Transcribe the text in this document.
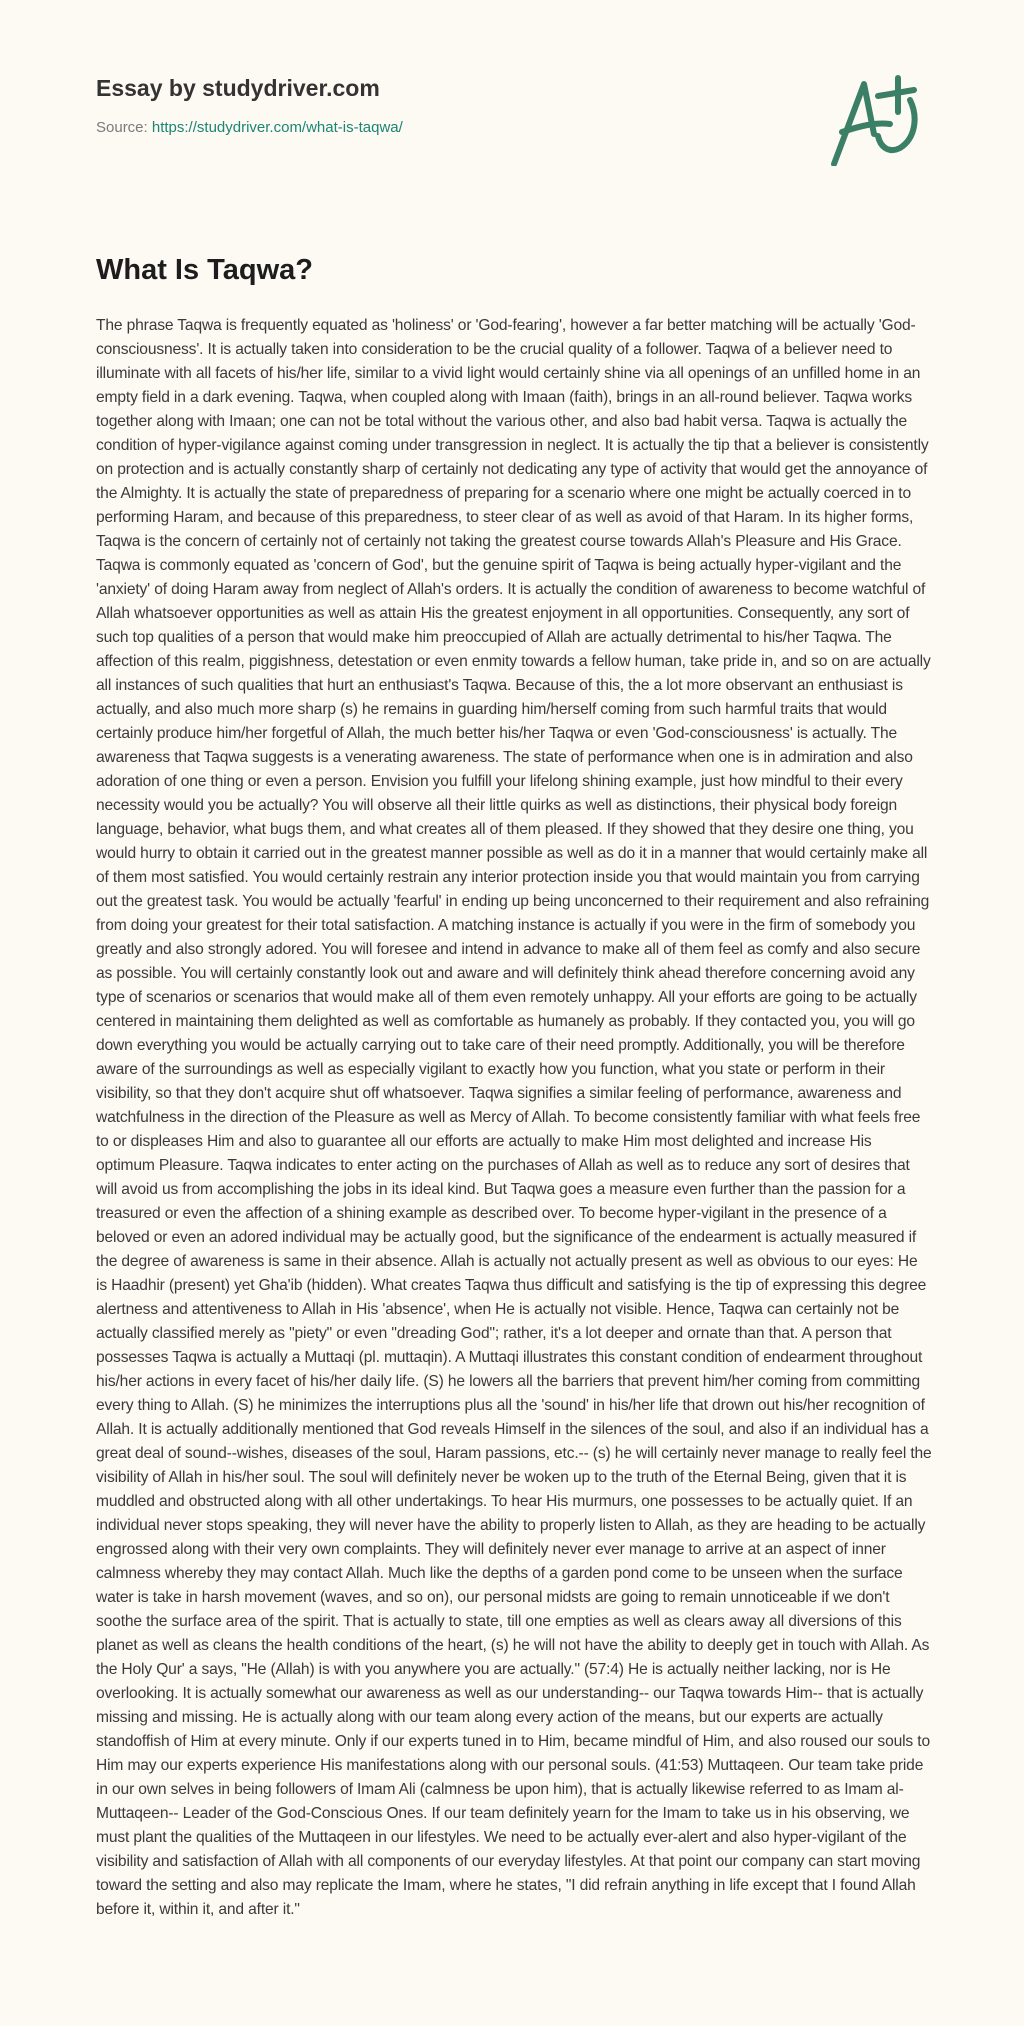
Essay by studydriver.com
Source: https://studydriver.com/what-is-taqwa/
What Is Taqwa?

The phrase Taqwa is frequently equated as 'holiness' or 'God-fearing', however a far better matching will be actually 'God-consciousness'. It is actually taken into consideration to be the crucial quality of a follower. Taqwa of a believer need to illuminate with all facets of his/her life, similar to a vivid light would certainly shine via all openings of an unfilled home in an empty field in a dark evening. Taqwa, when coupled along with Imaan (faith), brings in an all-round believer. Taqwa works together along with Imaan; one can not be total without the various other, and also bad habit versa. Taqwa is actually the condition of hyper-vigilance against coming under transgression in neglect. It is actually the tip that a believer is consistently on protection and is actually constantly sharp of certainly not dedicating any type of activity that would get the annoyance of the Almighty. It is actually the state of preparedness of preparing for a scenario where one might be actually coerced in to performing Haram, and because of this preparedness, to steer clear of as well as avoid of that Haram. In its higher forms, Taqwa is the concern of certainly not of certainly not taking the greatest course towards Allah's Pleasure and His Grace. Taqwa is commonly equated as 'concern of God', but the genuine spirit of Taqwa is being actually hyper-vigilant and the 'anxiety' of doing Haram away from neglect of Allah's orders. It is actually the condition of awareness to become watchful of Allah whatsoever opportunities as well as attain His the greatest enjoyment in all opportunities. Consequently, any sort of such top qualities of a person that would make him preoccupied of Allah are actually detrimental to his/her Taqwa. The affection of this realm, piggishness, detestation or even enmity towards a fellow human, take pride in, and so on are actually all instances of such qualities that hurt an enthusiast's Taqwa. Because of this, the a lot more observant an enthusiast is actually, and also much more sharp (s) he remains in guarding him/herself coming from such harmful traits that would certainly produce him/her forgetful of Allah, the much better his/her Taqwa or even 'God-consciousness' is actually. The awareness that Taqwa suggests is a venerating awareness. The state of performance when one is in admiration and also adoration of one thing or even a person. Envision you fulfill your lifelong shining example, just how mindful to their every necessity would you be actually? You will observe all their little quirks as well as distinctions, their physical body foreign language, behavior, what bugs them, and what creates all of them pleased. If they showed that they desire one thing, you would hurry to obtain it carried out in the greatest manner possible as well as do it in a manner that would certainly make all of them most satisfied. You would certainly restrain any interior protection inside you that would maintain you from carrying out the greatest task. You would be actually 'fearful' in ending up being unconcerned to their requirement and also refraining from doing your greatest for their total satisfaction. A matching instance is actually if you were in the firm of somebody you greatly and also strongly adored. You will foresee and intend in advance to make all of them feel as comfy and also secure as possible. You will certainly constantly look out and aware and will definitely think ahead therefore concerning avoid any type of scenarios or scenarios that would make all of them even remotely unhappy. All your efforts are going to be actually centered in maintaining them delighted as well as comfortable as humanely as probably. If they contacted you, you will go down everything you would be actually carrying out to take care of their need promptly. Additionally, you will be therefore aware of the surroundings as well as especially vigilant to exactly how you function, what you state or perform in their visibility, so that they don't acquire shut off whatsoever. Taqwa signifies a similar feeling of performance, awareness and watchfulness in the direction of the Pleasure as well as Mercy of Allah. To become consistently familiar with what feels free to or displeases Him and also to guarantee all our efforts are actually to make Him most delighted and increase His optimum Pleasure. Taqwa indicates to enter acting on the purchases of Allah as well as to reduce any sort of desires that will avoid us from accomplishing the jobs in its ideal kind. But Taqwa goes a measure even further than the passion for a treasured or even the affection of a shining example as described over. To become hyper-vigilant in the presence of a beloved or even an adored individual may be actually good, but the significance of the endearment is actually measured if the degree of awareness is same in their absence. Allah is actually not actually present as well as obvious to our eyes: He is Haadhir (present) yet Gha'ib (hidden). What creates Taqwa thus difficult and satisfying is the tip of expressing this degree alertness and attentiveness to Allah in His 'absence', when He is actually not visible. Hence, Taqwa can certainly not be actually classified merely as "piety" or even "dreading God"; rather, it's a lot deeper and ornate than that. A person that possesses Taqwa is actually a Muttaqi (pl. muttaqin). A Muttaqi illustrates this constant condition of endearment throughout his/her actions in every facet of his/her daily life. (S) he lowers all the barriers that prevent him/her coming from committing every thing to Allah. (S) he minimizes the interruptions plus all the 'sound' in his/her life that drown out his/her recognition of Allah. It is actually additionally mentioned that God reveals Himself in the silences of the soul, and also if an individual has a great deal of sound--wishes, diseases of the soul, Haram passions, etc.-- (s) he will certainly never manage to really feel the visibility of Allah in his/her soul. The soul will definitely never be woken up to the truth of the Eternal Being, given that it is muddled and obstructed along with all other undertakings. To hear His murmurs, one possesses to be actually quiet. If an individual never stops speaking, they will never have the ability to properly listen to Allah, as they are heading to be actually engrossed along with their very own complaints. They will definitely never ever manage to arrive at an aspect of inner calmness whereby they may contact Allah. Much like the depths of a garden pond come to be unseen when the surface water is take in harsh movement (waves, and so on), our personal midsts are going to remain unnoticeable if we don't soothe the surface area of the spirit. That is actually to state, till one empties as well as clears away all diversions of this planet as well as cleans the health conditions of the heart, (s) he will not have the ability to deeply get in touch with Allah. As the Holy Qur' a says, "He (Allah) is with you anywhere you are actually." (57:4) He is actually neither lacking, nor is He overlooking. It is actually somewhat our awareness as well as our understanding-- our Taqwa towards Him-- that is actually missing and missing. He is actually along with our team along every action of the means, but our experts are actually standoffish of Him at every minute. Only if our experts tuned in to Him, became mindful of Him, and also roused our souls to Him may our experts experience His manifestations along with our personal souls. (41:53) Muttaqeen. Our team take pride in our own selves in being followers of Imam Ali (calmness be upon him), that is actually likewise referred to as Imam al-Muttaqeen-- Leader of the God-Conscious Ones. If our team definitely yearn for the Imam to take us in his observing, we must plant the qualities of the Muttaqeen in our lifestyles. We need to be actually ever-alert and also hyper-vigilant of the visibility and satisfaction of Allah with all components of our everyday lifestyles. At that point our company can start moving toward the setting and also may replicate the Imam, where he states, "I did refrain anything in life except that I found Allah before it, within it, and after it."
